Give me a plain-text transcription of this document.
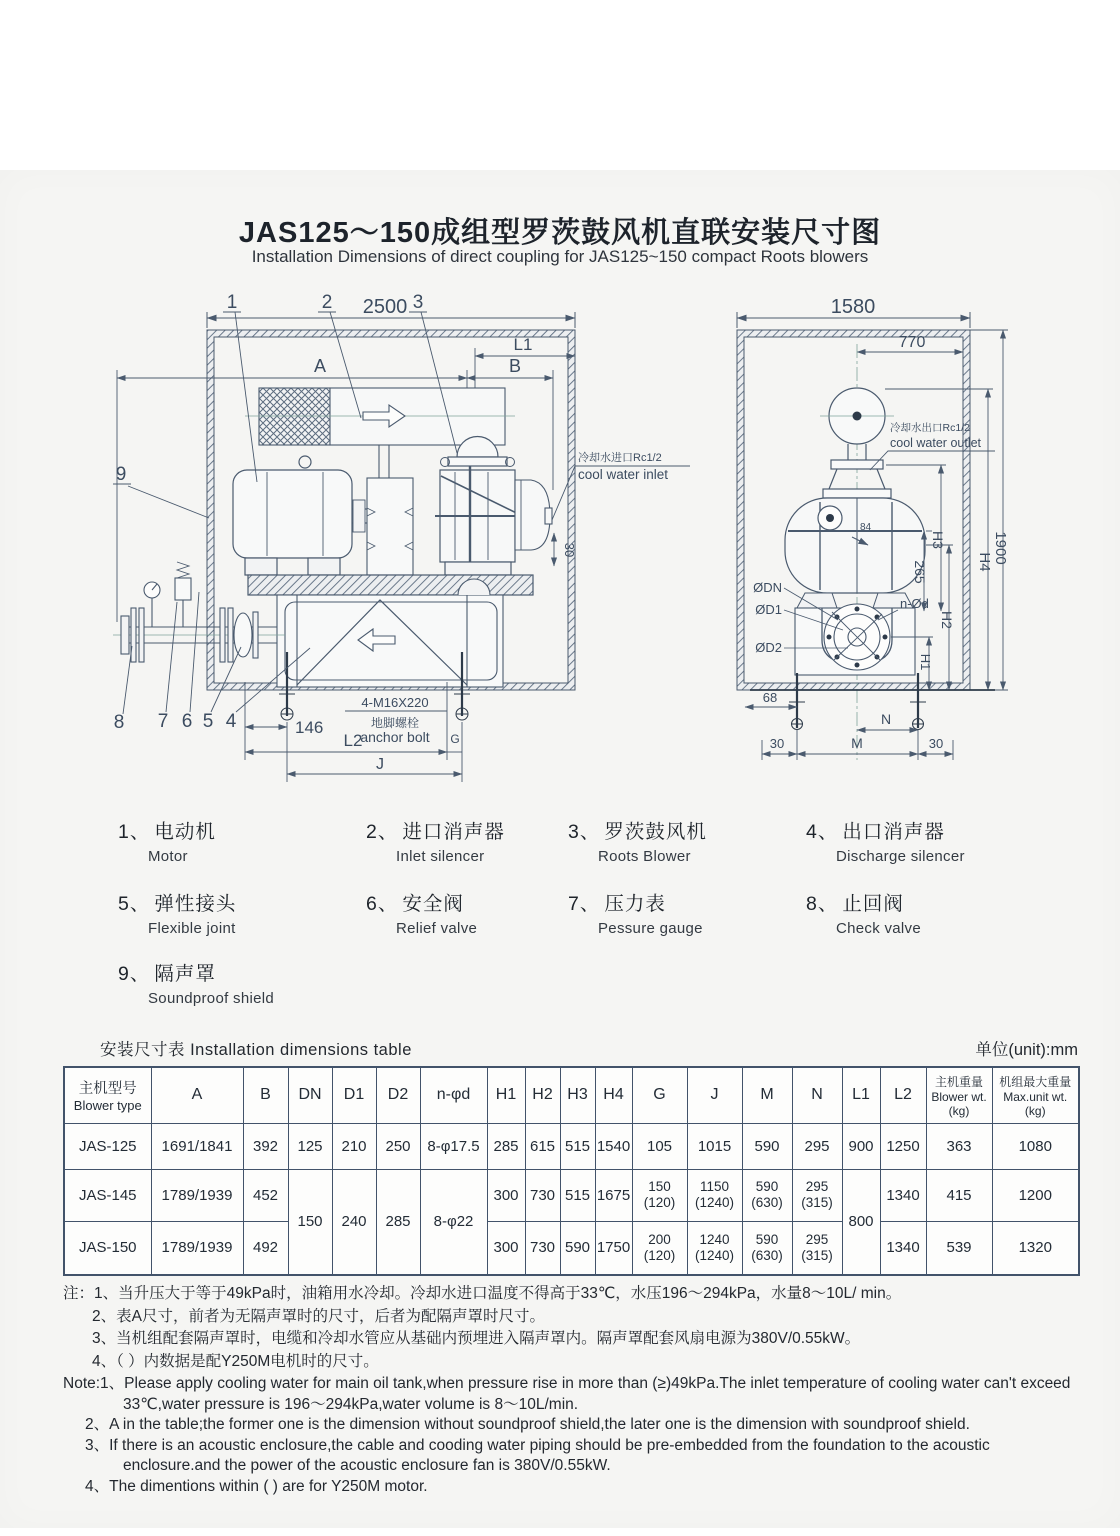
JAS125～150成组型罗茨鼓风机直联安装尺寸图
Installation Dimensions of direct coupling for JAS125~150 compact Roots blowers
2500
A	B
L1
冷却水进口Rc1/2
cool water inlet
30
146
L2	G
J
4-M16X220
地脚螺栓
anchor bolt
1	2	3
9
8 7 6 5 4
1580
770
84
冷却水出口Rc1/2
cool water outlet
ØDN
ØD1
ØD2
n-Ød
265
H3
H1
H2
H4 1900
68
N
30	M	30
1、 电动机
Motor
2、 进口消声器
Inlet silencer
3、 罗茨鼓风机
Roots Blower
4、 出口消声器
Discharge silencer
5、 弹性接头
Flexible joint
6、 安全阀
Relief valve
7、 压力表
Pessure gauge
8、 止回阀
Check valve
9、 隔声罩
Soundproof shield
安装尺寸表 Installation dimensions table	单位(unit):mm
主机型号
Blower type	A	B	DN	D1	D2	n-φd	H1	H2	H3	H4	G	J	M	N	L1	L2	主机重量
Blower wt.
(kg)	机组最大重量
Max.unit wt.
(kg)

JAS-125	1691/1841	392	125	210	250	8-φ17.5	285	615	515	1540	105	1015	590	295	900	1250	363	1080
JAS-145	1789/1939	452	150	240	285	8-φ22	300	730	515	1675	150 (120)	1150 (1240)	590 (630)	295 (315)	800	1340	415	1200
JAS-150	1789/1939	492					300	730	590	1750	200 (120)	1240 (1240)	590 (630)	295 (315)		1340	539	1320
注：1、当升压大于等于49kPa时，油箱用水冷却。冷却水进口温度不得高于33℃，水压196～294kPa，水量8～10L/ min。
2、表A尺寸，前者为无隔声罩时的尺寸，后者为配隔声罩时尺寸。
3、当机组配套隔声罩时，电缆和冷却水管应从基础内预埋进入隔声罩内。隔声罩配套风扇电源为380V/0.55kW。
4、（ ）内数据是配Y250M电机时的尺寸。
Note:1、Please apply cooling water for main oil tank,when pressure rise in more than (≥)49kPa.The inlet temperature of cooling water can't exceed 33℃,water pressure is 196～294kPa,water volume is 8～10L/min.
2、A in the table;the former one is the dimension without soundproof shield,the later one is the dimension with soundproof shield.
3、If there is an acoustic enclosure,the cable and cooding water piping should be pre-embedded from the foundation to the acoustic enclosure.and the power of the acoustic enclosure fan is 380V/0.55kW.
4、The dimentions within ( ) are for Y250M motor.
